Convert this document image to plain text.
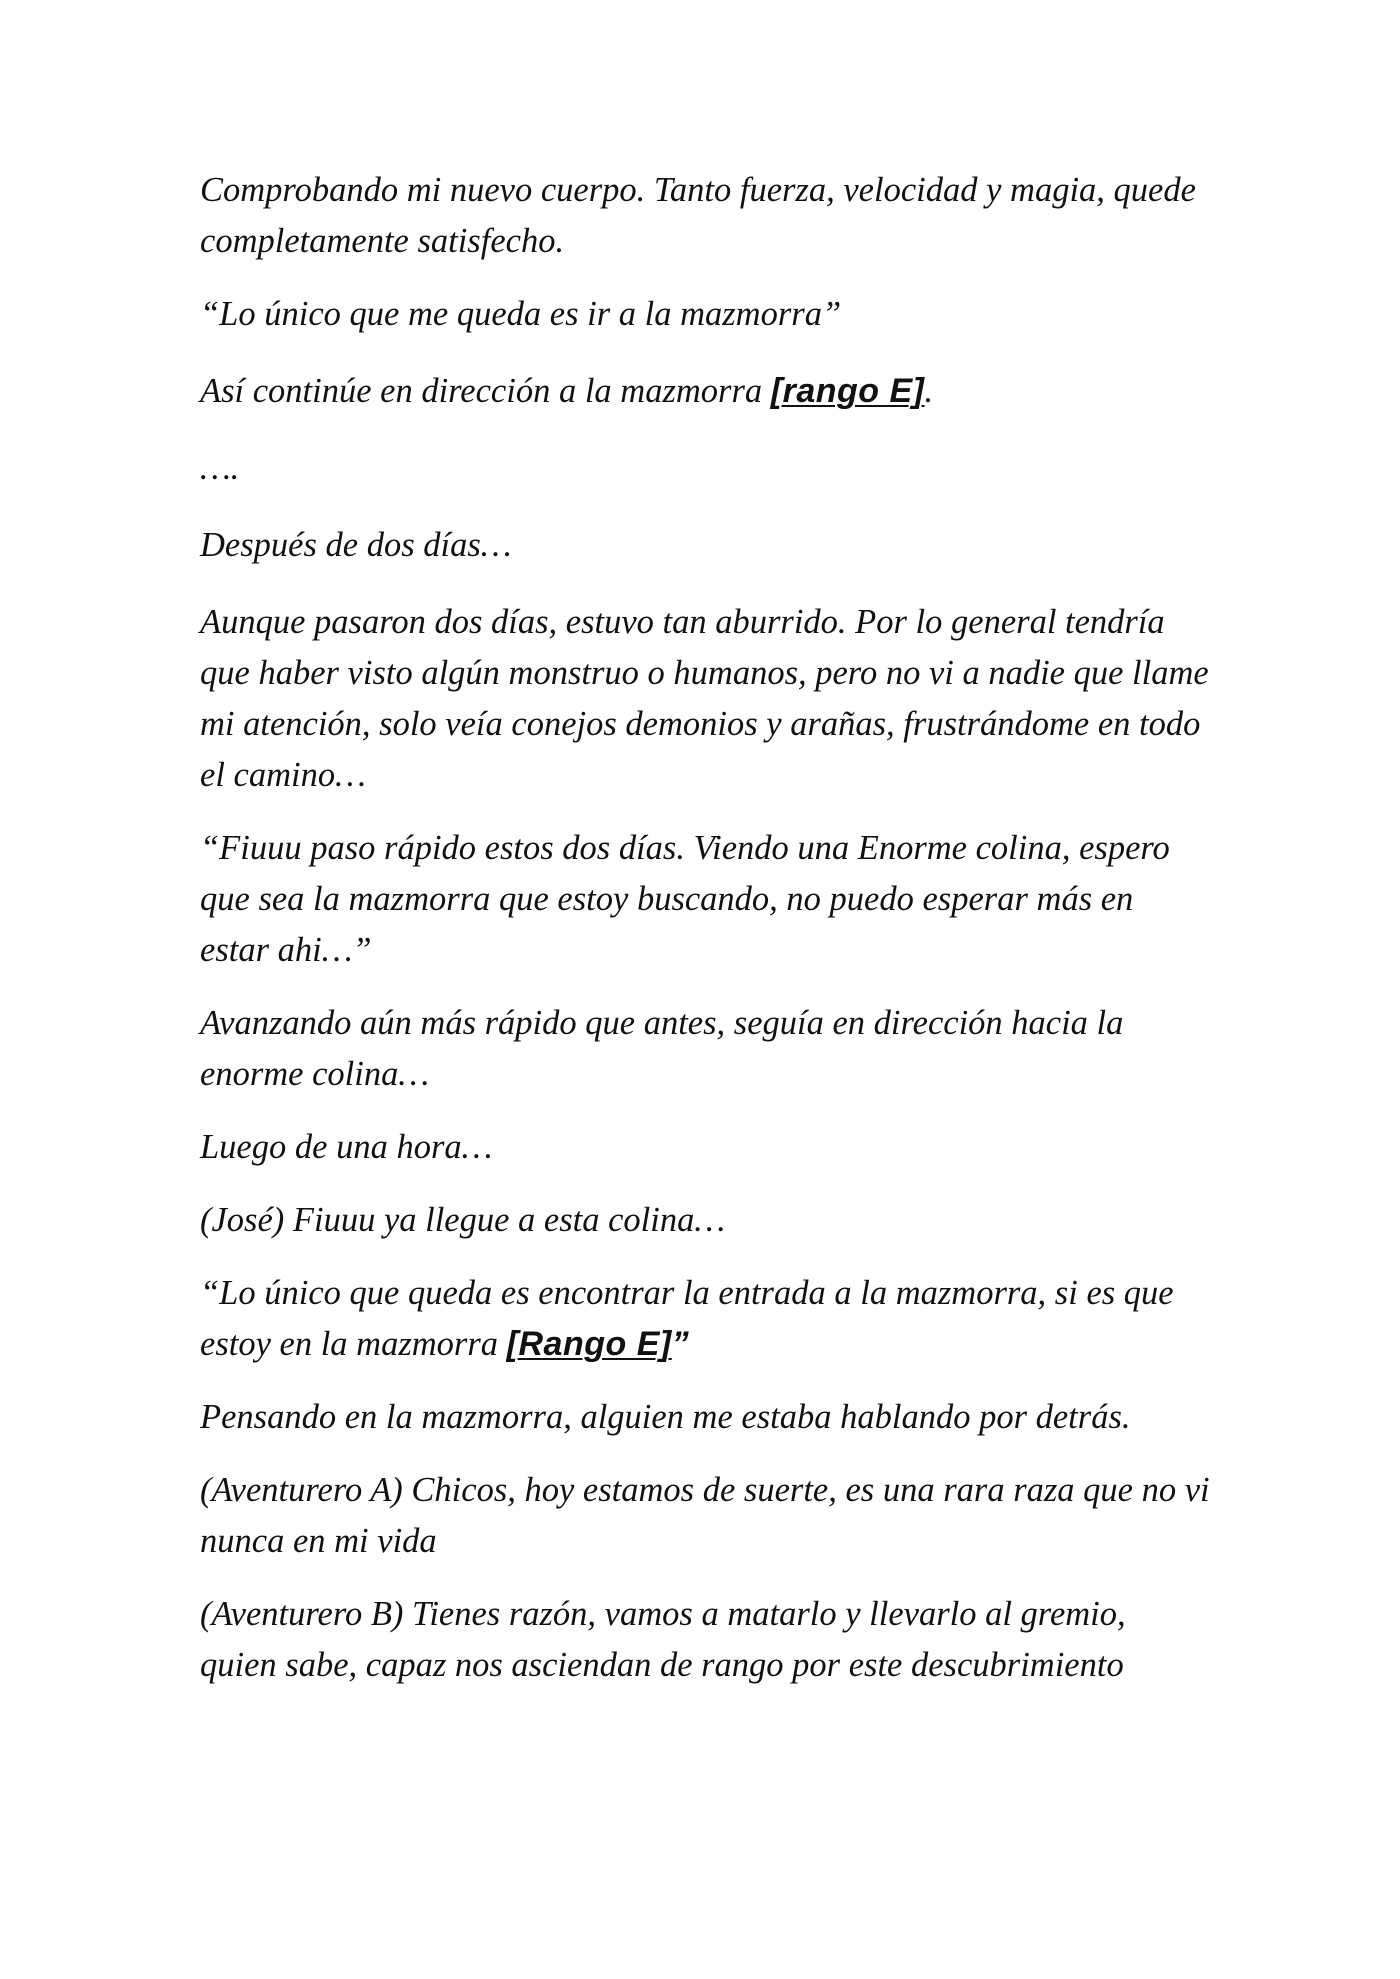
Comprobando mi nuevo cuerpo. Tanto fuerza, velocidad y magia, quede completamente satisfecho.

“Lo único que me queda es ir a la mazmorra”

Así continúe en dirección a la mazmorra [rango E].

….

Después de dos días…

Aunque pasaron dos días, estuvo tan aburrido. Por lo general tendría que haber visto algún monstruo o humanos, pero no vi a nadie que llame mi atención, solo veía conejos demonios y arañas, frustrándome en todo el camino…

“Fiuuu paso rápido estos dos días. Viendo una Enorme colina, espero que sea la mazmorra que estoy buscando, no puedo esperar más en estar ahi…”

Avanzando aún más rápido que antes, seguía en dirección hacia la enorme colina…

Luego de una hora…

(José) Fiuuu ya llegue a esta colina…

“Lo único que queda es encontrar la entrada a la mazmorra, si es que estoy en la mazmorra [Rango E]”

Pensando en la mazmorra, alguien me estaba hablando por detrás.

(Aventurero A) Chicos, hoy estamos de suerte, es una rara raza que no vi nunca en mi vida

(Aventurero B) Tienes razón, vamos a matarlo y llevarlo al gremio, quien sabe, capaz nos asciendan de rango por este descubrimiento
